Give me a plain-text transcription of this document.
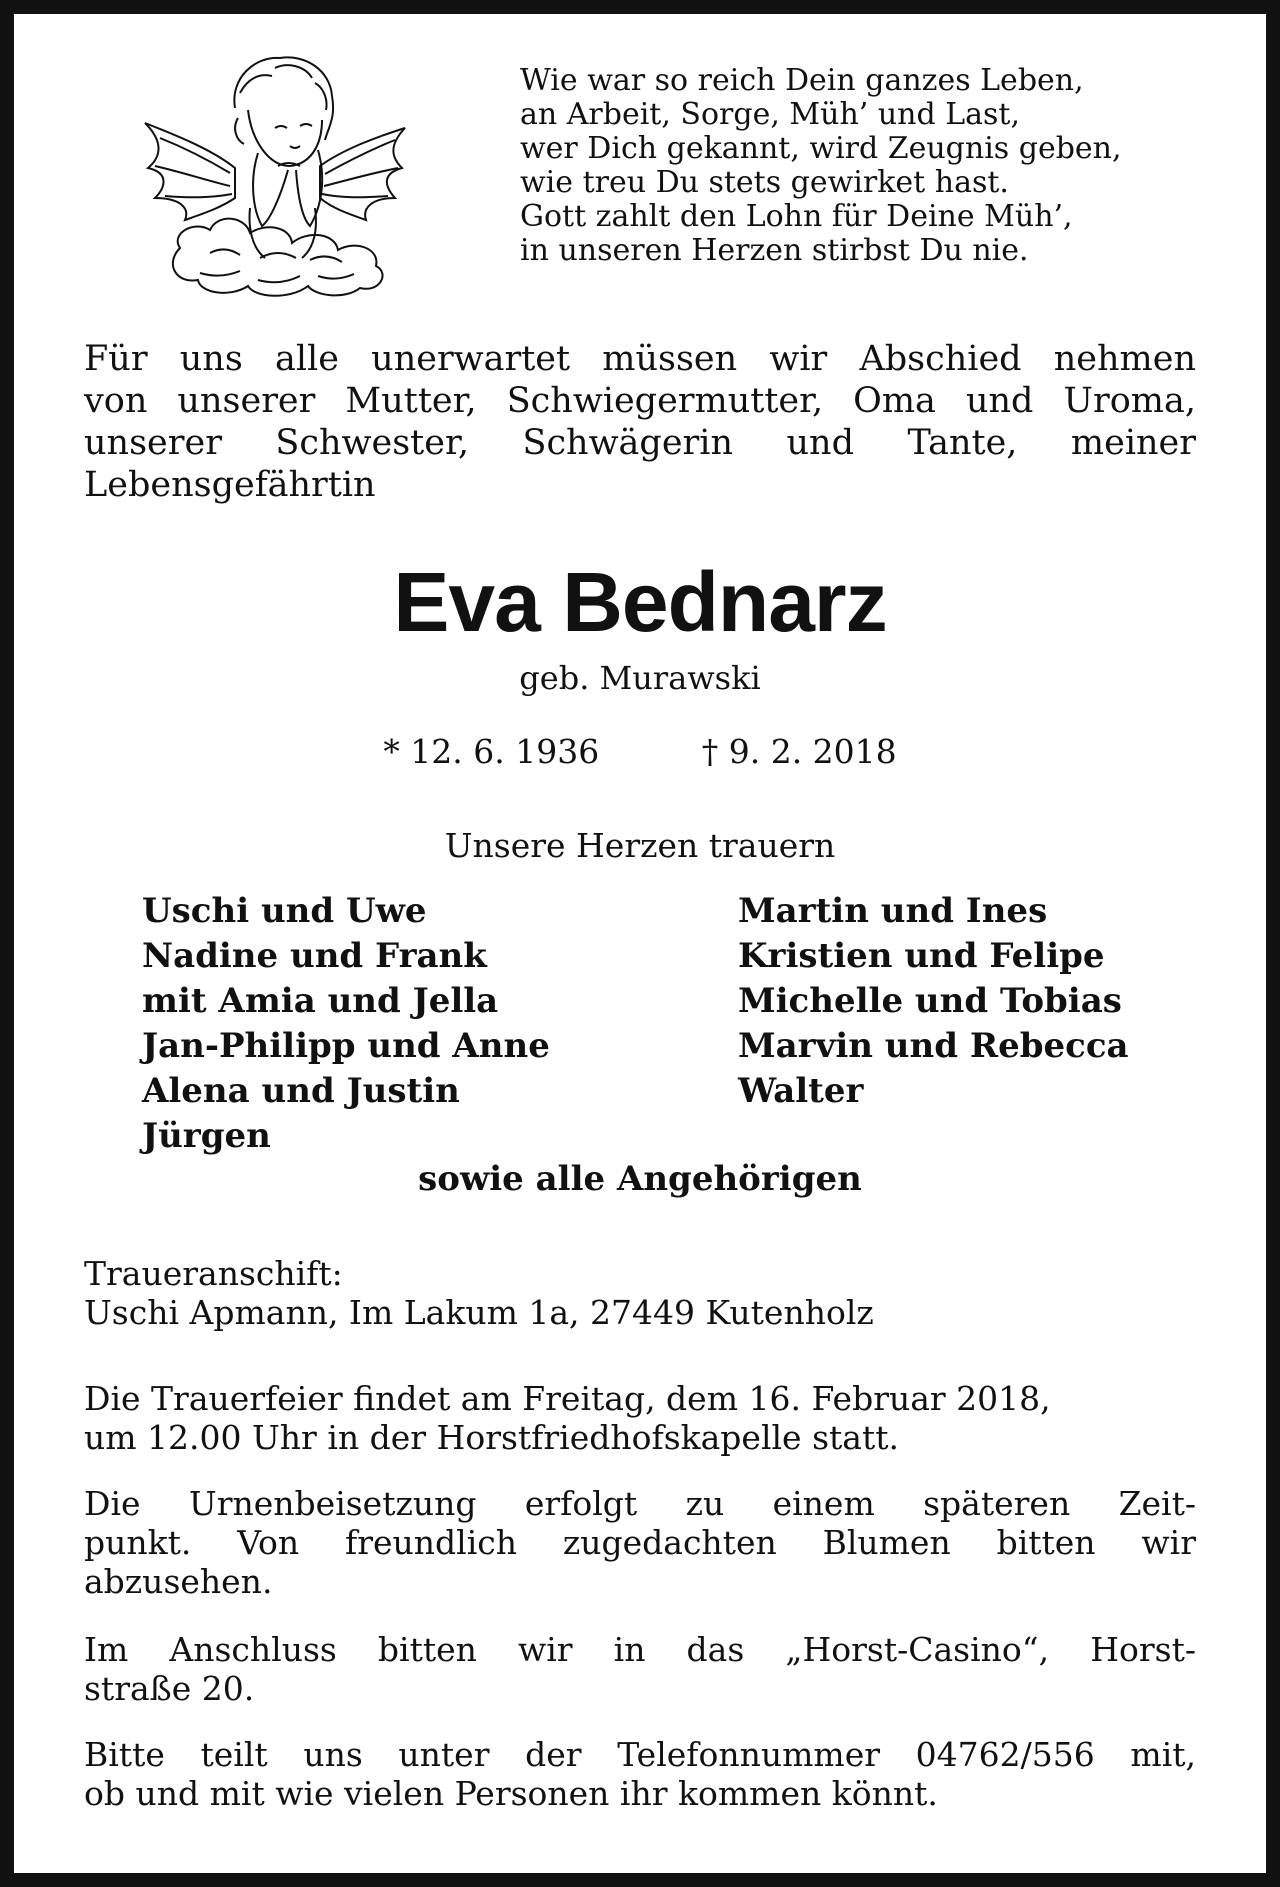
Wie war so reich Dein ganzes Leben,
an Arbeit, Sorge, Müh’ und Last,
wer Dich gekannt, wird Zeugnis geben,
wie treu Du stets gewirket hast.
Gott zahlt den Lohn für Deine Müh’,
in unseren Herzen stirbst Du nie.
Für uns alle unerwartet müssen wir Abschied nehmen
von unserer Mutter, Schwiegermutter, Oma und Uroma,
unserer Schwester, Schwägerin und Tante, meiner
Lebensgefährtin
Eva Bednarz
geb. Murawski
* 12. 6. 1936	† 9. 2. 2018
Unsere Herzen trauern
Uschi und Uwe
Nadine und Frank
mit Amia und Jella
Jan-Philipp und Anne
Alena und Justin
Jürgen
Martin und Ines
Kristien und Felipe
Michelle und Tobias
Marvin und Rebecca
Walter
sowie alle Angehörigen
Traueranschift:
Uschi Apmann, Im Lakum 1a, 27449 Kutenholz
Die Trauerfeier findet am Freitag, dem 16. Februar 2018,
um 12.00 Uhr in der Horstfriedhofskapelle statt.
Die Urnenbeisetzung erfolgt zu einem späteren Zeit-
punkt. Von freundlich zugedachten Blumen bitten wir
abzusehen.
Im Anschluss bitten wir in das „Horst-Casino“, Horst-
straße 20.
Bitte teilt uns unter der Telefonnummer 04762/556 mit,
ob und mit wie vielen Personen ihr kommen könnt.
